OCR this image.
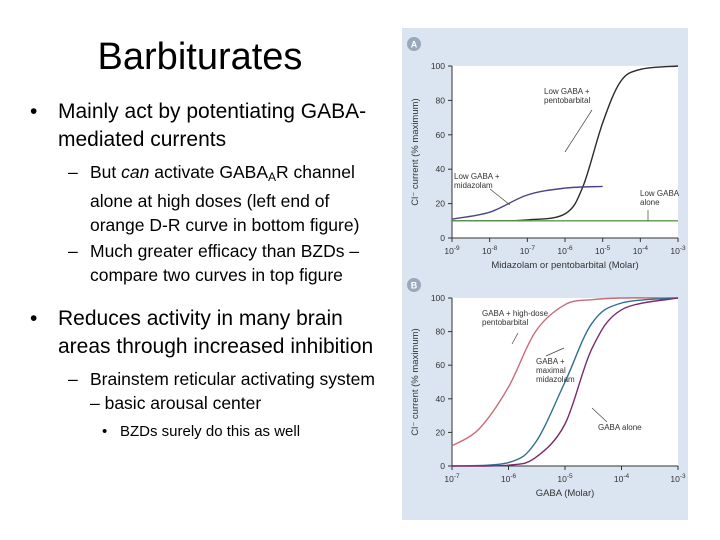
Barbiturates
• Mainly act by potentiating GABA-mediated currents
– But can activate $GABA_AR$ channel alone at high doses (left end of orange D-R curve in bottom figure)
– Much greater efficacy than BZDs – compare two curves in top figure
• Reduces activity in many brain areas through increased inhibition
– Brainstem reticular activating system – basic arousal center
• BZDs surely do this as well
A
0
20
40
60
80
100
$10^{-9}$	$10^{-8}$	$10^{-7}$	$10^{-6}$	$10^{-5}$	$10^{-4}$	$10^{-3}$
Midazolam or pentobarbital (Molar)
Cl⁻ current (% maximum)
Low GABA + pentobarbital
Low GABA + midazolam
Low GABA alone
B
0
20
40
60
80
100
$10^{-7}$	$10^{-6}$	$10^{-5}$	$10^{-4}$	$10^{-3}$
GABA (Molar)
Cl⁻ current (% maximum)
GABA + high-dose pentobarbital
GABA + maximal midazolam
GABA alone
